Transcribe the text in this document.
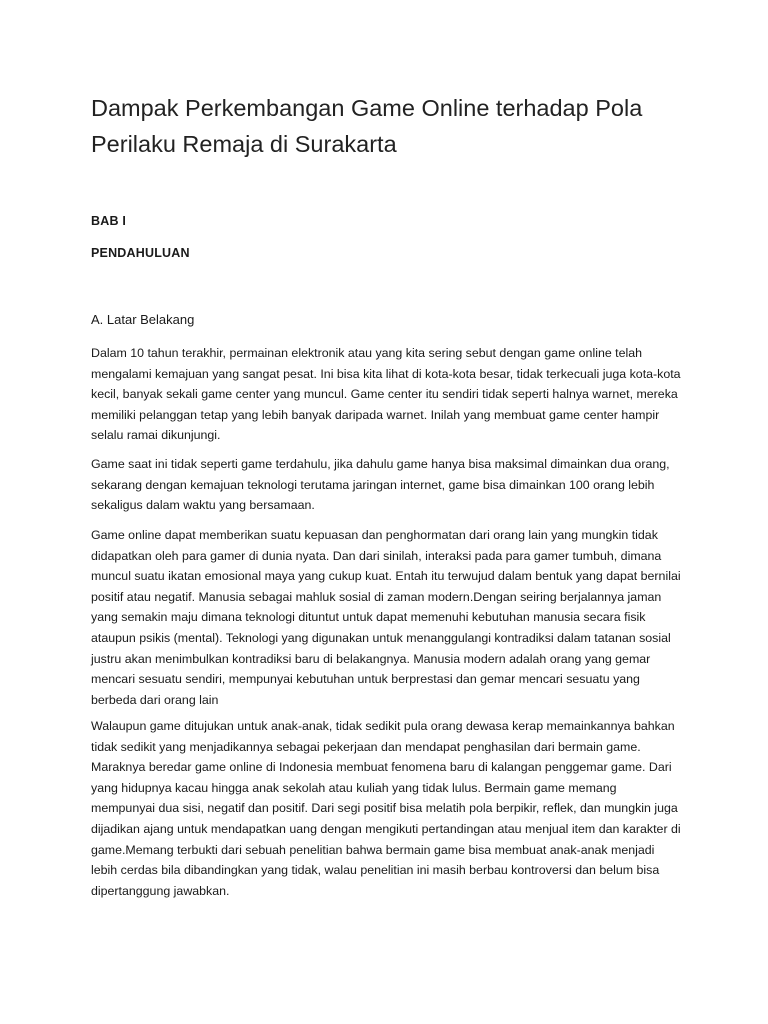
Dampak Perkembangan Game Online terhadap Pola Perilaku Remaja di Surakarta

BAB I

PENDAHULUAN

A. Latar Belakang

Dalam 10 tahun terakhir, permainan elektronik atau yang kita sering sebut dengan game online telah mengalami kemajuan yang sangat pesat. Ini bisa kita lihat di kota-kota besar, tidak terkecuali juga kota-kota kecil, banyak sekali game center yang muncul. Game center itu sendiri tidak seperti halnya warnet, mereka memiliki pelanggan tetap yang lebih banyak daripada warnet. Inilah yang membuat game center hampir selalu ramai dikunjungi.

Game saat ini tidak seperti game terdahulu, jika dahulu game hanya bisa maksimal dimainkan dua orang, sekarang dengan kemajuan teknologi terutama jaringan internet, game bisa dimainkan 100 orang lebih sekaligus dalam waktu yang bersamaan.

Game online dapat memberikan suatu kepuasan dan penghormatan dari orang lain yang mungkin tidak didapatkan oleh para gamer di dunia nyata. Dan dari sinilah, interaksi pada para gamer tumbuh, dimana muncul suatu ikatan emosional maya yang cukup kuat. Entah itu terwujud dalam bentuk yang dapat bernilai positif atau negatif. Manusia sebagai mahluk sosial di zaman modern.Dengan seiring berjalannya jaman yang semakin maju dimana teknologi dituntut untuk dapat memenuhi kebutuhan manusia secara fisik ataupun psikis (mental). Teknologi yang digunakan untuk menanggulangi kontradiksi dalam tatanan sosial justru akan menimbulkan kontradiksi baru di belakangnya. Manusia modern adalah orang yang gemar mencari sesuatu sendiri, mempunyai kebutuhan untuk berprestasi dan gemar mencari sesuatu yang berbeda dari orang lain

Walaupun game ditujukan untuk anak-anak, tidak sedikit pula orang dewasa kerap memainkannya bahkan tidak sedikit yang menjadikannya sebagai pekerjaan dan mendapat penghasilan dari bermain game. Maraknya beredar game online di Indonesia membuat fenomena baru di kalangan penggemar game. Dari yang hidupnya kacau hingga anak sekolah atau kuliah yang tidak lulus. Bermain game memang mempunyai dua sisi, negatif dan positif. Dari segi positif bisa melatih pola berpikir, reflek, dan mungkin juga dijadikan ajang untuk mendapatkan uang dengan mengikuti pertandingan atau menjual item dan karakter di game.Memang terbukti dari sebuah penelitian bahwa bermain game bisa membuat anak-anak menjadi lebih cerdas bila dibandingkan yang tidak, walau penelitian ini masih berbau kontroversi dan belum bisa dipertanggung jawabkan.
